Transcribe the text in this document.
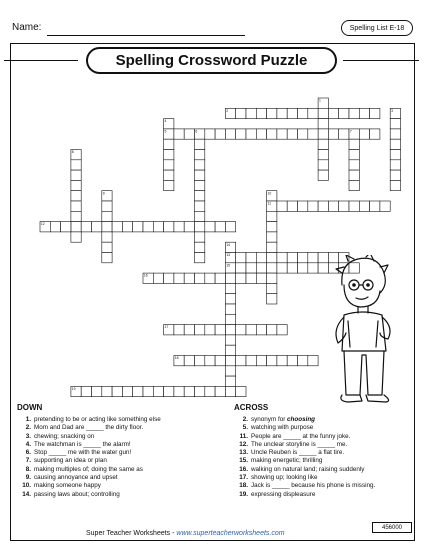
Name:	Spelling List E-18
Spelling Crossword Puzzle
1
2	3
4
5	6	7
8
9	10
11
12
13
14
15
16
17
18
19
DOWN
1. pretending to be or acting like something else
2. Mom and Dad are _____ the dirty floor.
3. chewing; snacking on
4. The watchman is _____ the alarm!
6. Stop _____ me with the water gun!
7. supporting an idea or plan
8. making multiples of; doing the same as
9. causing annoyance and upset
10. making someone happy
14. passing laws about; controlling
ACROSS
2. synonym for choosing
5. watching with purpose
11. People are _____ at the funny joke.
12. The unclear storyline is _____ me.
13. Uncle Reuben is _____ a flat tire.
15. making energetic; thrilling
16. walking on natural land; raising suddenly
17. showing up; looking like
18. Jack is _____ because his phone is missing.
19. expressing displeasure
Super Teacher Worksheets - www.superteacherworksheets.com
456000
